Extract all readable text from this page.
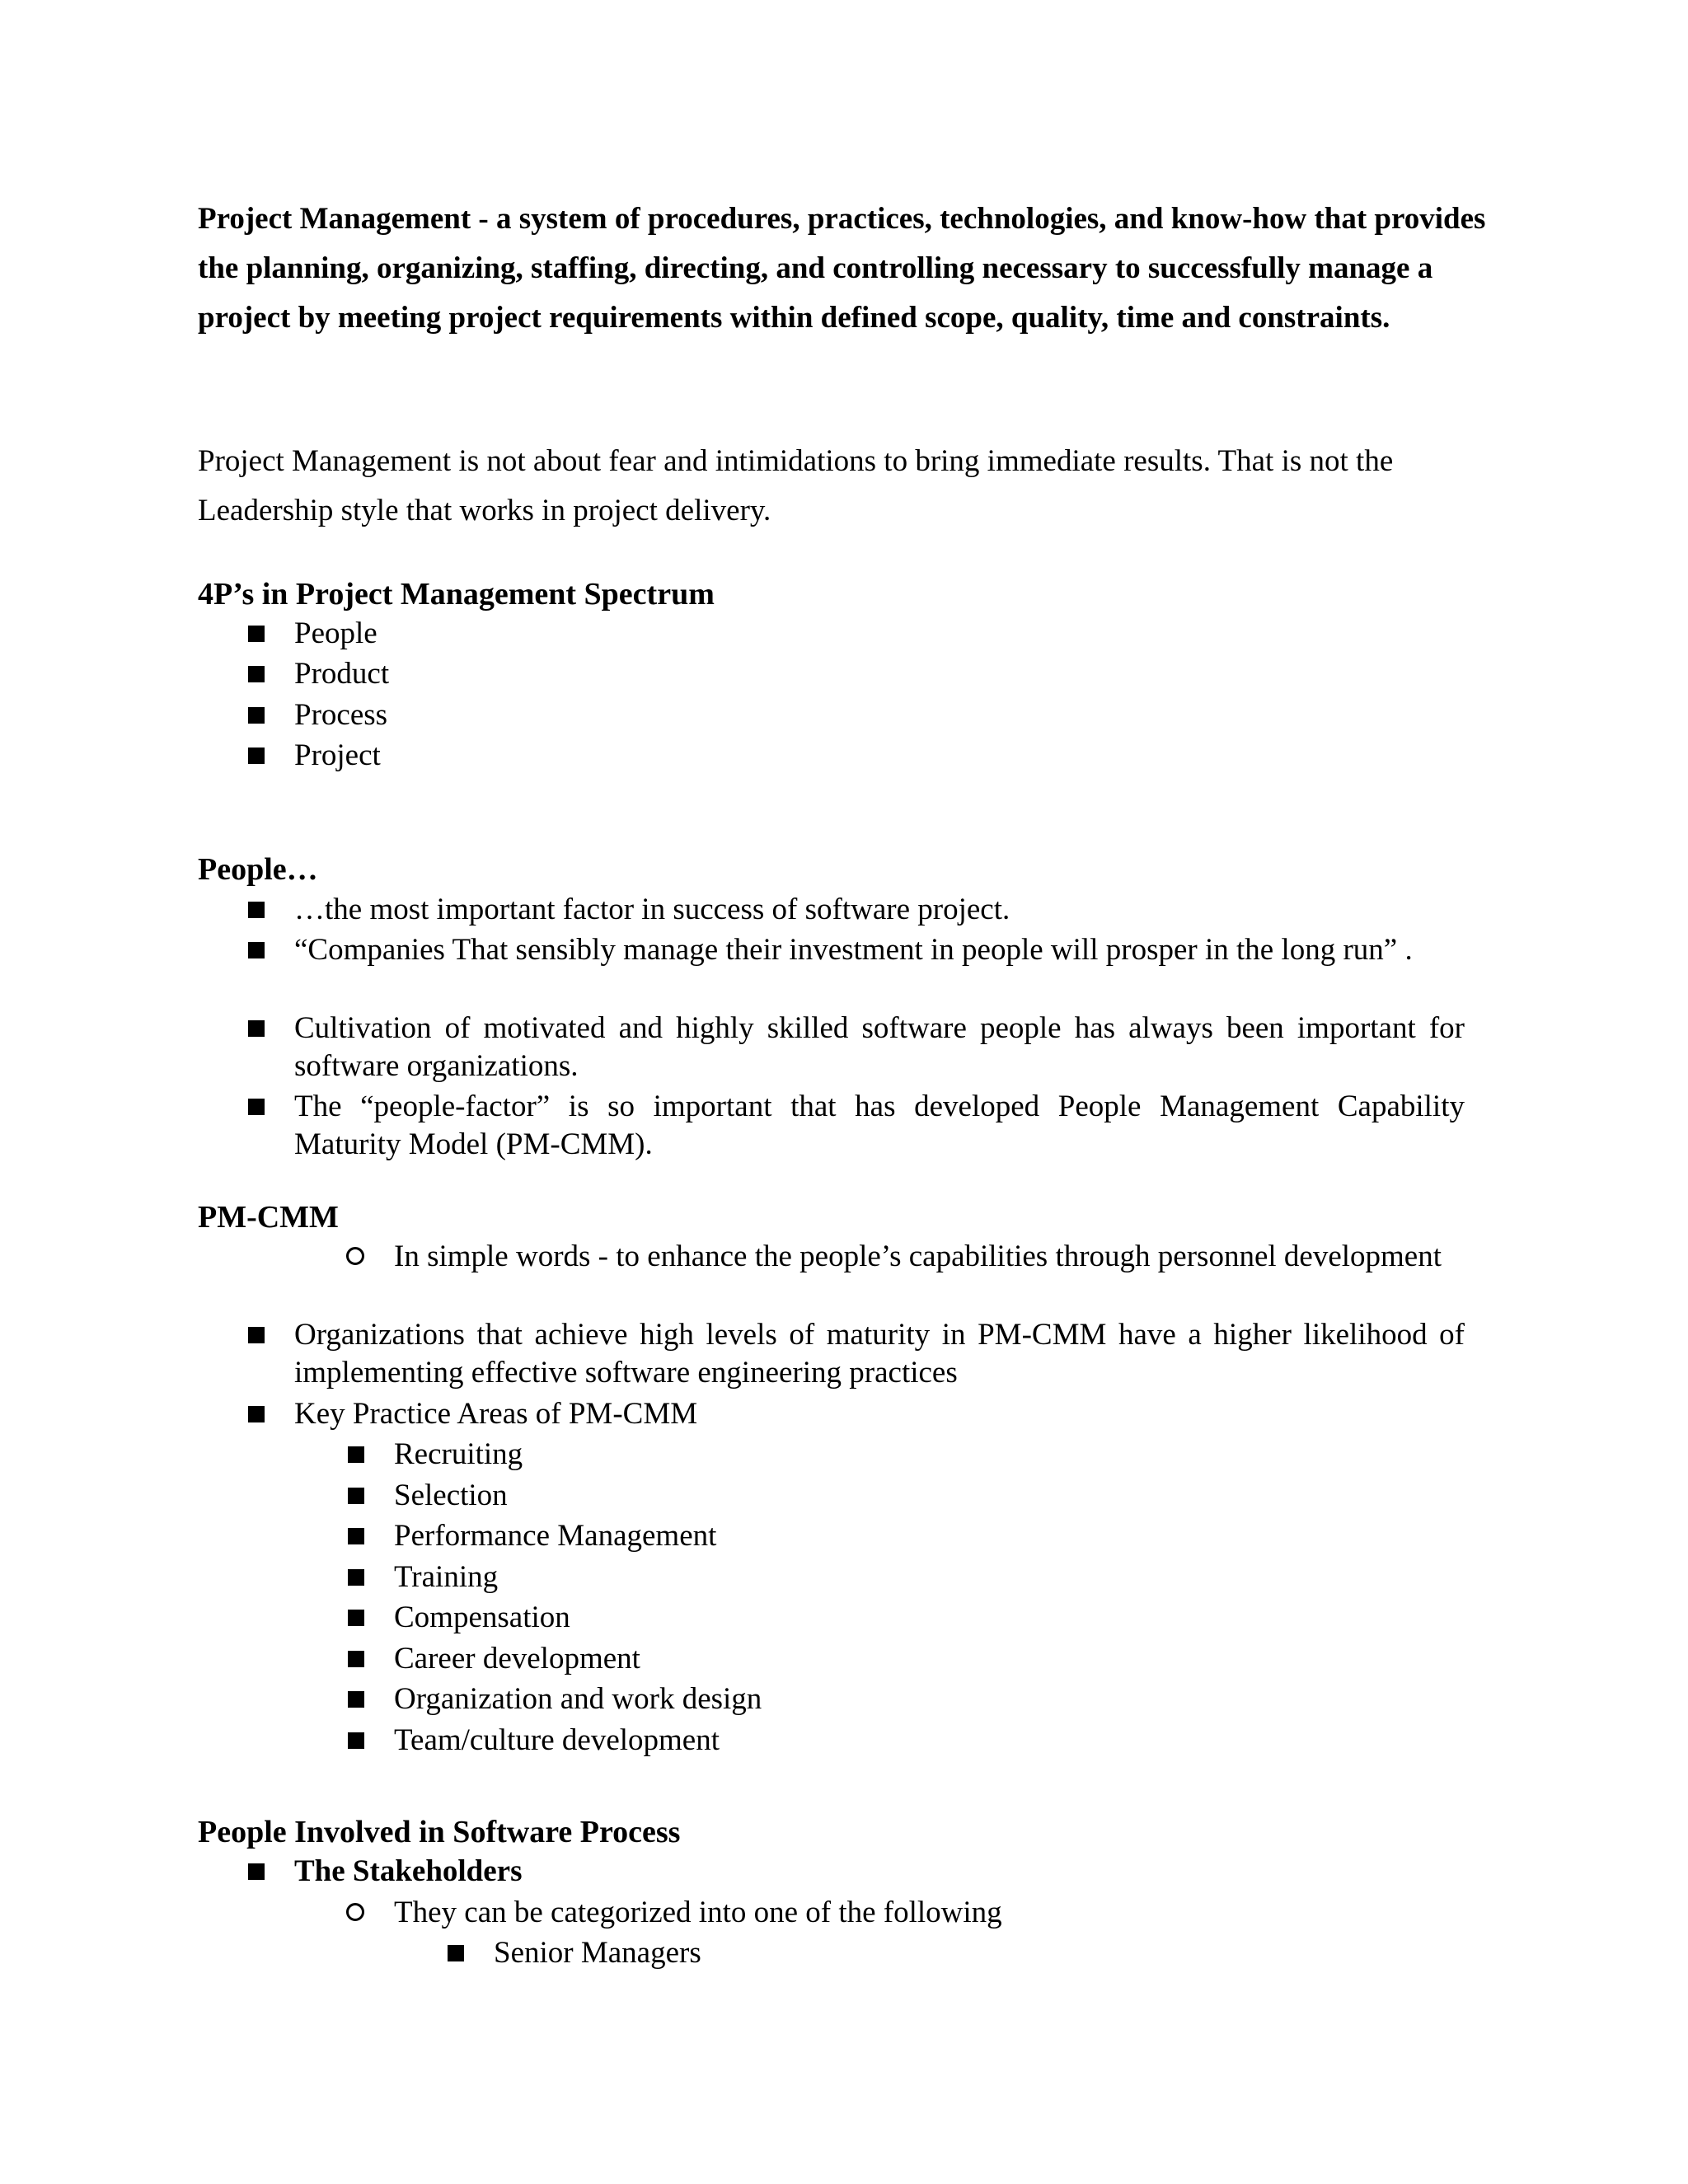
Project Management - a system of procedures, practices, technologies, and know-how that provides the planning, organizing, staffing, directing, and controlling necessary to successfully manage a project by meeting project requirements within defined scope, quality, time and constraints.

Project Management is not about fear and intimidations to bring immediate results. That is not the Leadership style that works in project delivery.

4P’s in Project Management Spectrum
People
Product
Process
Project
People…
…the most important factor in success of software project.
“Companies That sensibly manage their investment in people will prosper in the long run” .
Cultivation of motivated and highly skilled software people has always been important for software organizations.
The “people-factor” is so important that has developed People Management Capability Maturity Model (PM-CMM).
PM-CMM
In simple words - to enhance the people’s capabilities through personnel development
Organizations that achieve high levels of maturity in PM-CMM have a higher likelihood of implementing effective software engineering practices
Key Practice Areas of PM-CMM
Recruiting
Selection
Performance Management
Training
Compensation
Career development
Organization and work design
Team/culture development
People Involved in Software Process
The Stakeholders
They can be categorized into one of the following
Senior Managers
